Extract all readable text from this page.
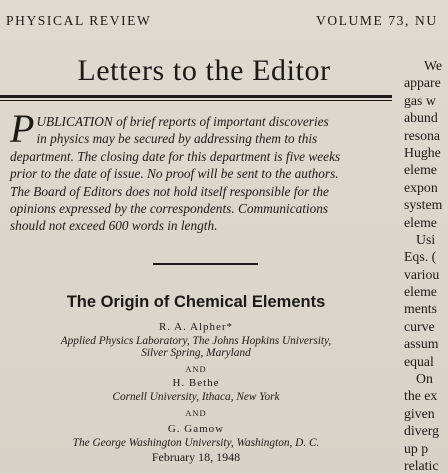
PHYSICAL REVIEW	VOLUME 73, NU
Letters to the Editor
P UBLICATION of brief reports of important discoveries
in physics may be secured by addressing them to this
department. The closing date for this department is five weeks
prior to the date of issue. No proof will be sent to the authors.
The Board of Editors does not hold itself responsible for the
opinions expressed by the correspondents. Communications
should not exceed 600 words in length.
The Origin of Chemical Elements
R. A. Alpher*
Applied Physics Laboratory, The Johns Hopkins University,
Silver Spring, Maryland
AND
H. Bethe
Cornell University, Ithaca, New York
AND
G. Gamow
The George Washington University, Washington, D. C.
February 18, 1948
We
appare
gas w
abund
resona
Hughe
eleme
expon
system
eleme
Usi
Eqs. (
variou
eleme
ments
curve
assum
equal
On
the ex
given
diverg
up p
relatic
